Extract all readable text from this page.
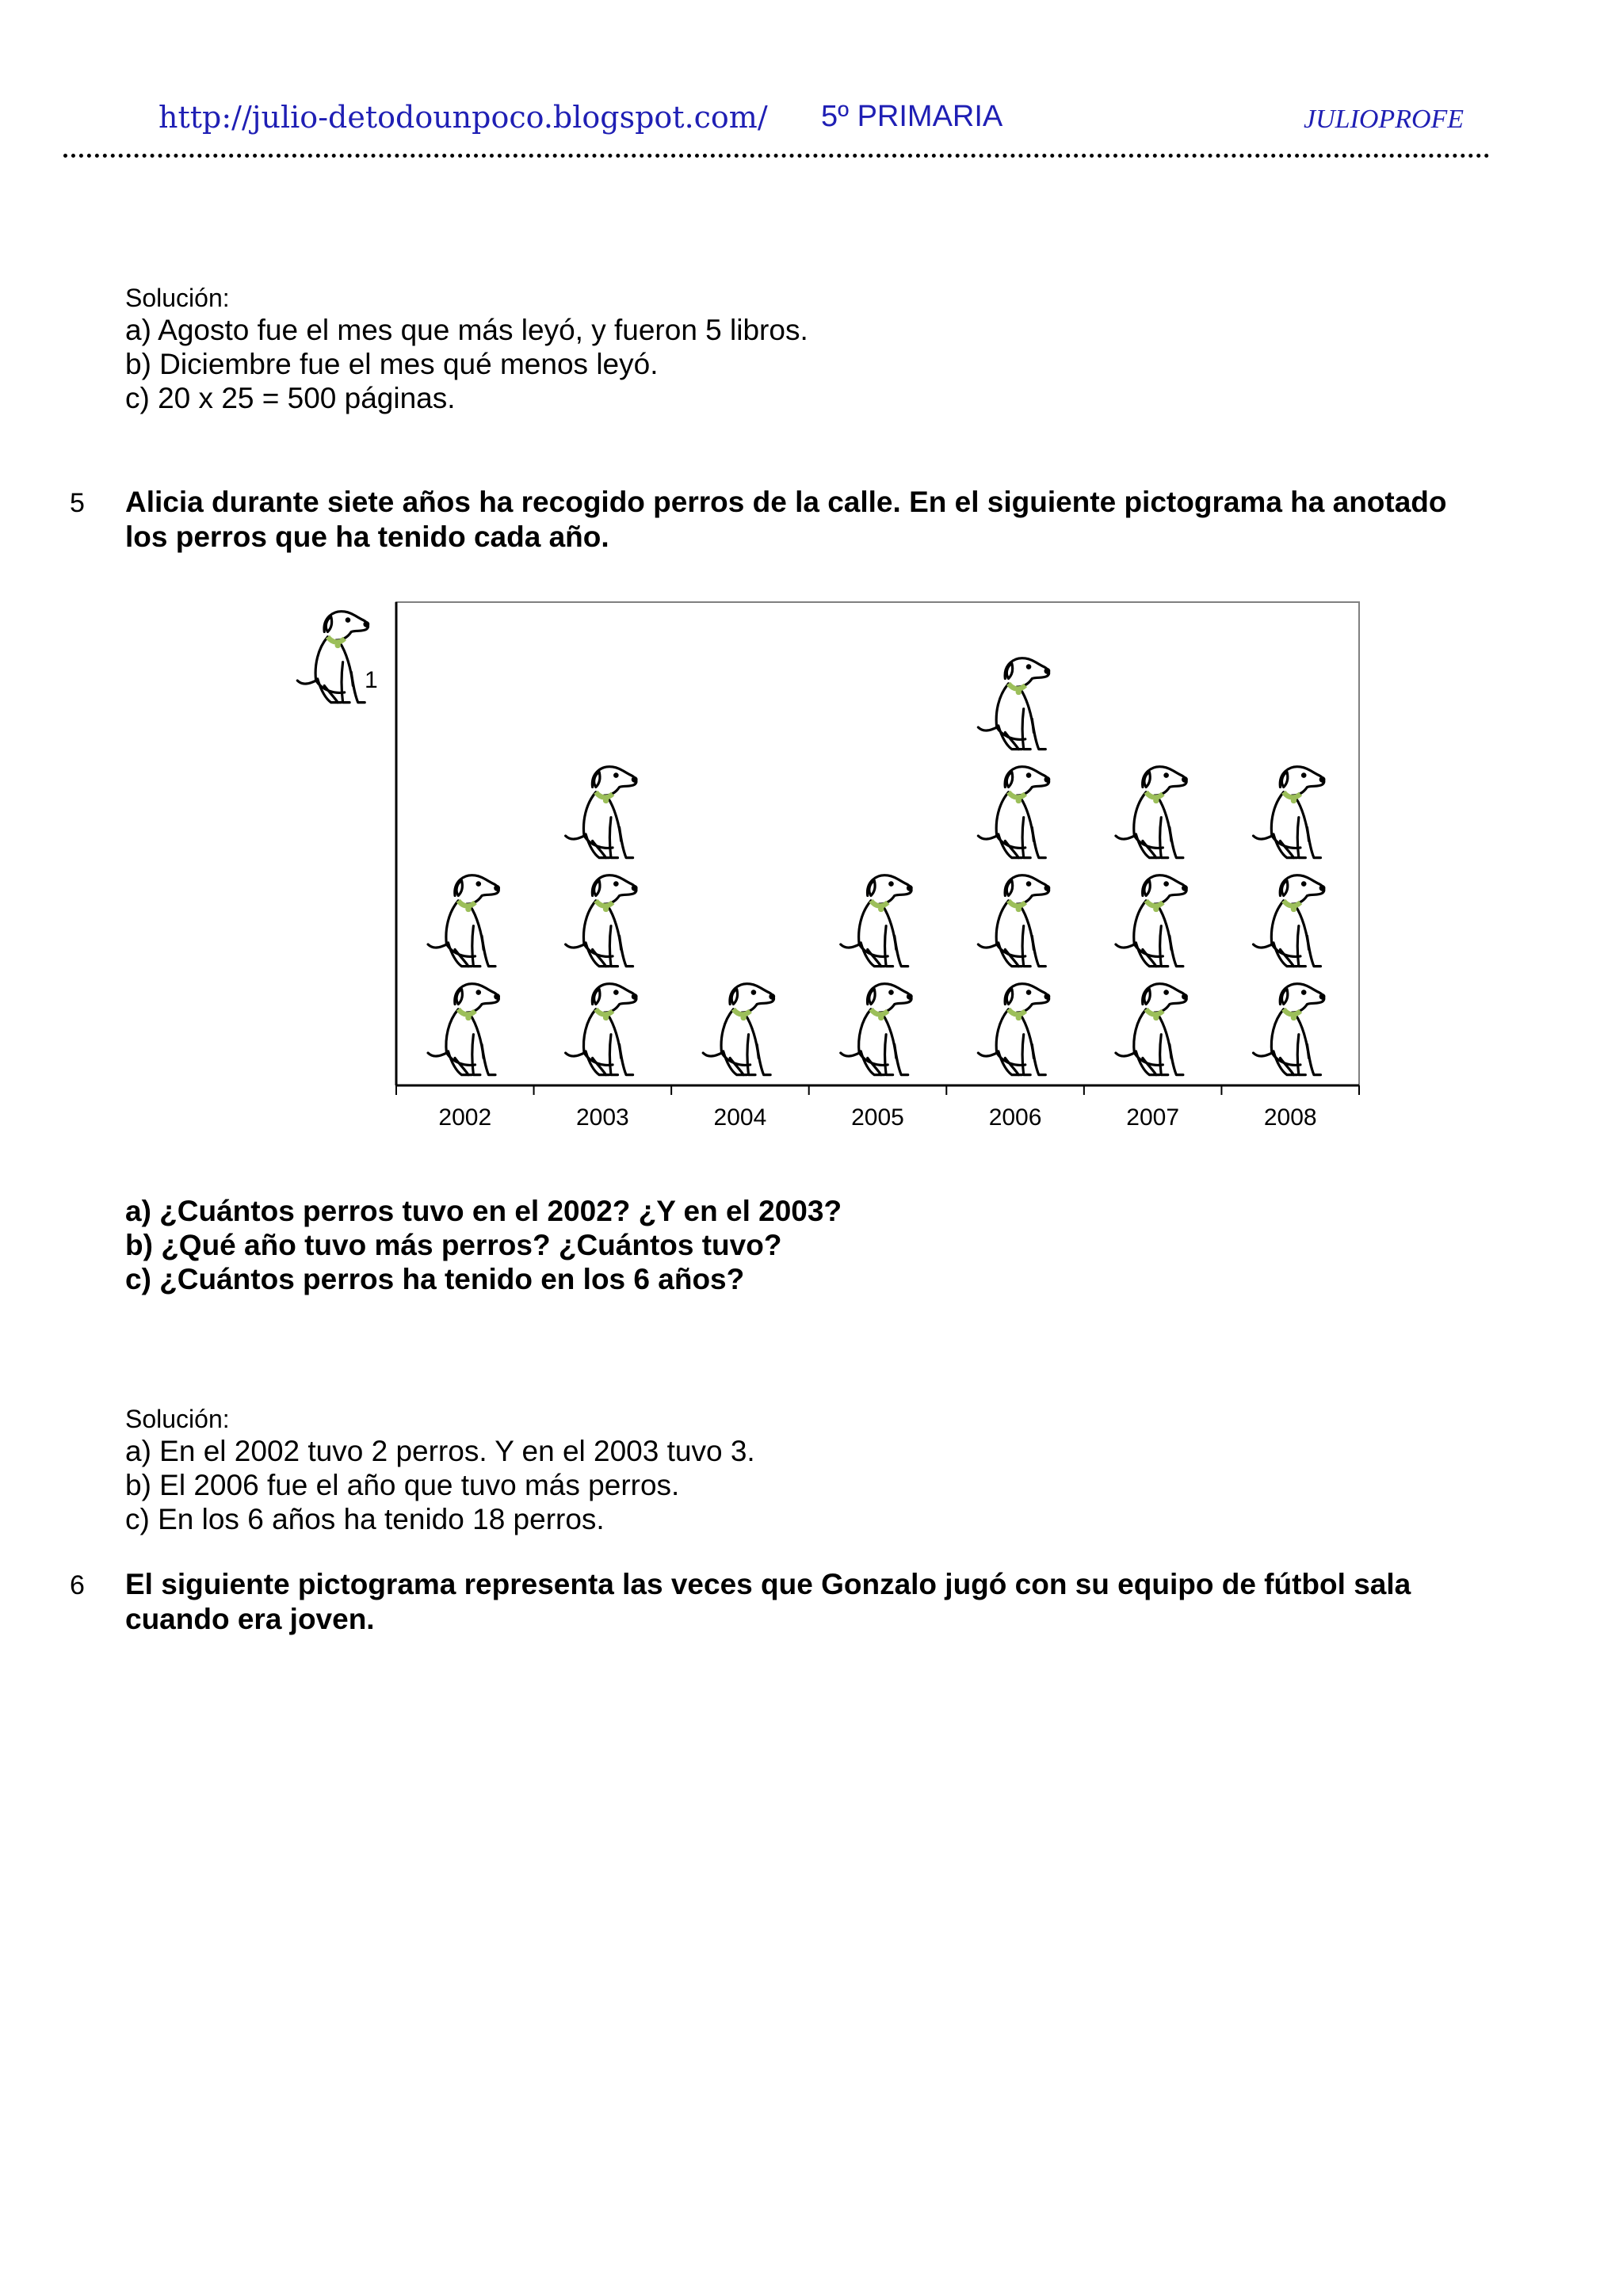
http://julio-detodounpoco.blogspot.com/ 5º PRIMARIA	JULIOPROFE
Solución:
a) Agosto fue el mes que más leyó, y fueron 5 libros.
b) Diciembre fue el mes qué menos leyó.
c) 20 x 25 = 500 páginas.
5 Alicia durante siete años ha recogido perros de la calle. En el siguiente pictograma ha anotado
los perros que ha tenido cada año.
1
2002	2003	2004	2005	2006	2007	2008
a) ¿Cuántos perros tuvo en el 2002? ¿Y en el 2003?
b) ¿Qué año tuvo más perros? ¿Cuántos tuvo?
c) ¿Cuántos perros ha tenido en los 6 años?
Solución:
a) En el 2002 tuvo 2 perros. Y en el 2003 tuvo 3.
b) El 2006 fue el año que tuvo más perros.
c) En los 6 años ha tenido 18 perros.
6 El siguiente pictograma representa las veces que Gonzalo jugó con su equipo de fútbol sala
cuando era joven.
